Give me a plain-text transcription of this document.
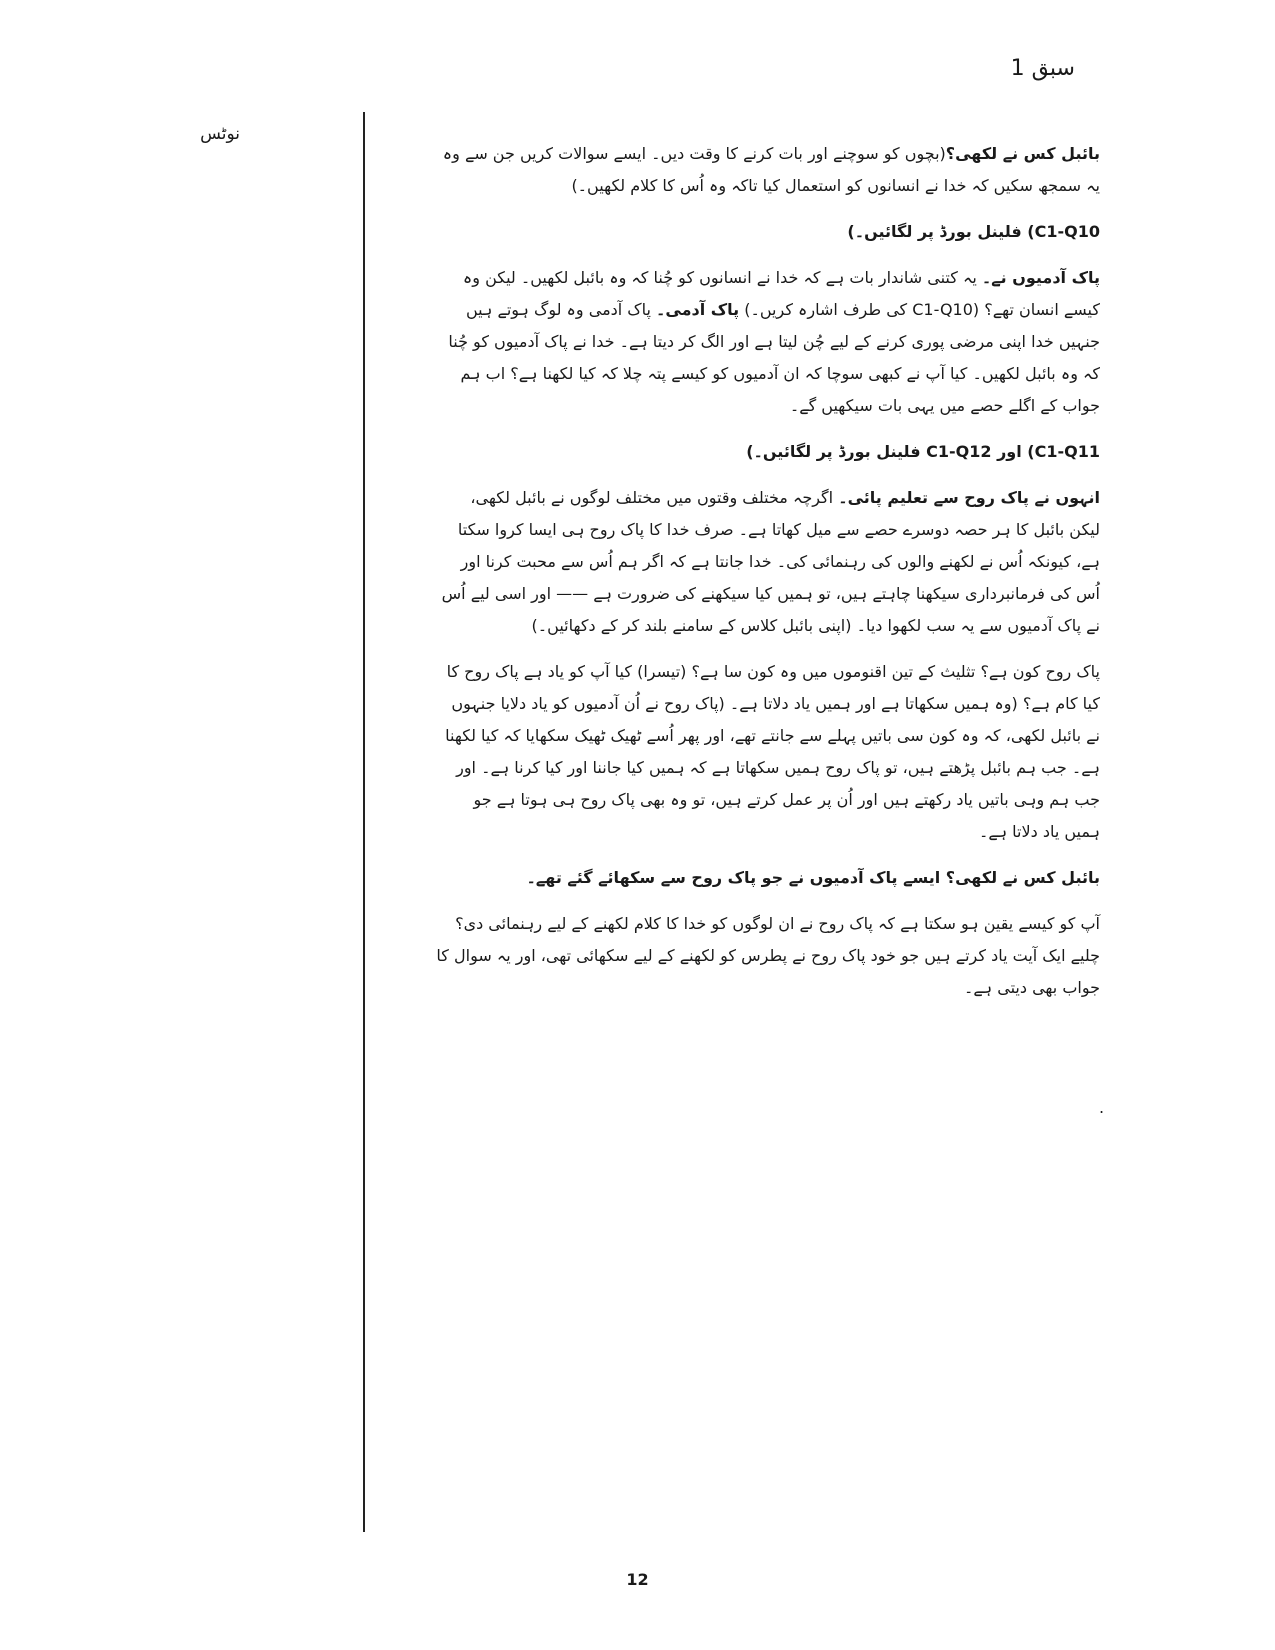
سبق 1
نوٹس

بائبل کس نے لکھی؟(بچوں کو سوچنے اور بات کرنے کا وقت دیں۔ ایسے سوالات کریں جن سے وہ یہ سمجھ سکیں کہ خدا نے انسانوں کو استعمال کیا تاکہ وہ اُس کا کلام لکھیں۔)

(C1-Q10 فلینل بورڈ پر لگائیں۔)

پاک آدمیوں نے۔ یہ کتنی شاندار بات ہے کہ خدا نے انسانوں کو چُنا کہ وہ بائبل لکھیں۔ لیکن وہ کیسے انسان تھے؟ (C1-Q10 کی طرف اشارہ کریں۔) پاک آدمی۔ پاک آدمی وہ لوگ ہوتے ہیں جنہیں خدا اپنی مرضی پوری کرنے کے لیے چُن لیتا ہے اور الگ کر دیتا ہے۔ خدا نے پاک آدمیوں کو چُنا کہ وہ بائبل لکھیں۔ کیا آپ نے کبھی سوچا کہ ان آدمیوں کو کیسے پتہ چلا کہ کیا لکھنا ہے؟ اب ہم جواب کے اگلے حصے میں یہی بات سیکھیں گے۔

(C1-Q11 اور C1-Q12 فلینل بورڈ پر لگائیں۔)

انہوں نے پاک روح سے تعلیم پائی۔ اگرچہ مختلف وقتوں میں مختلف لوگوں نے بائبل لکھی، لیکن بائبل کا ہر حصہ دوسرے حصے سے میل کھاتا ہے۔ صرف خدا کا پاک روح ہی ایسا کروا سکتا ہے، کیونکہ اُس نے لکھنے والوں کی رہنمائی کی۔ خدا جانتا ہے کہ اگر ہم اُس سے محبت کرنا اور اُس کی فرمانبرداری سیکھنا چاہتے ہیں، تو ہمیں کیا سیکھنے کی ضرورت ہے —— اور اسی لیے اُس نے پاک آدمیوں سے یہ سب لکھوا دیا۔ (اپنی بائبل کلاس کے سامنے بلند کر کے دکھائیں۔)

پاک روح کون ہے؟ تثلیث کے تین اقنوموں میں وہ کون سا ہے؟ (تیسرا) کیا آپ کو یاد ہے پاک روح کا کیا کام ہے؟ (وہ ہمیں سکھاتا ہے اور ہمیں یاد دلاتا ہے۔ (پاک روح نے اُن آدمیوں کو یاد دلایا جنہوں نے بائبل لکھی، کہ وہ کون سی باتیں پہلے سے جانتے تھے، اور پھر اُسے ٹھیک ٹھیک سکھایا کہ کیا لکھنا ہے۔ جب ہم بائبل پڑھتے ہیں، تو پاک روح ہمیں سکھاتا ہے کہ ہمیں کیا جاننا اور کیا کرنا ہے۔ اور جب ہم وہی باتیں یاد رکھتے ہیں اور اُن پر عمل کرتے ہیں، تو وہ بھی پاک روح ہی ہوتا ہے جو ہمیں یاد دلاتا ہے۔

بائبل کس نے لکھی؟ ایسے پاک آدمیوں نے جو پاک روح سے سکھائے گئے تھے۔

آپ کو کیسے یقین ہو سکتا ہے کہ پاک روح نے ان لوگوں کو خدا کا کلام لکھنے کے لیے رہنمائی دی؟ چلیے ایک آیت یاد کرتے ہیں جو خود پاک روح نے پطرس کو لکھنے کے لیے سکھائی تھی، اور یہ سوال کا جواب بھی دیتی ہے۔

.
12
